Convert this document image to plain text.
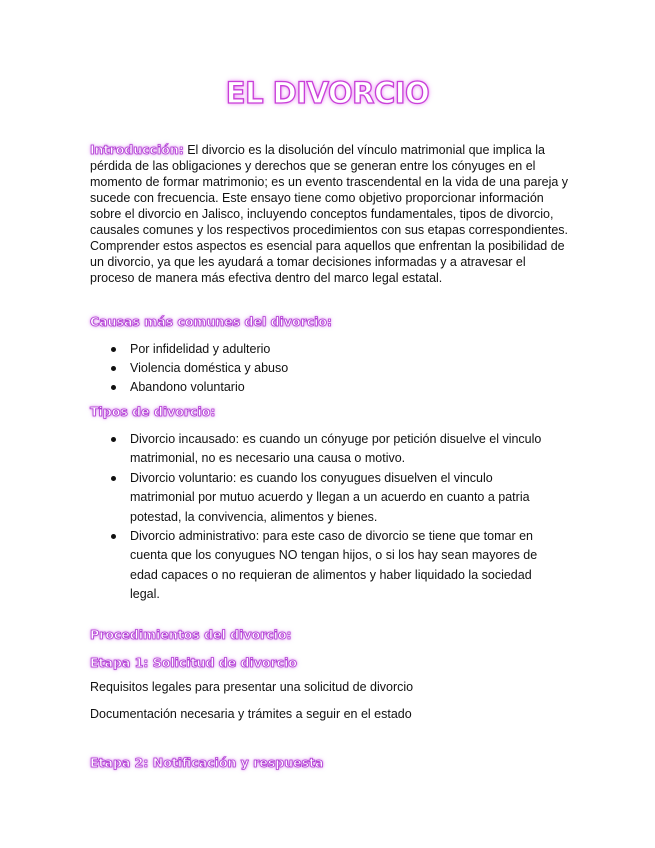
EL DIVORCIO

Introducción: El divorcio es la disolución del vínculo matrimonial que implica la pérdida de las obligaciones y derechos que se generan entre los cónyuges en el momento de formar matrimonio; es un evento trascendental en la vida de una pareja y sucede con frecuencia. Este ensayo tiene como objetivo proporcionar información sobre el divorcio en Jalisco, incluyendo conceptos fundamentales, tipos de divorcio, causales comunes y los respectivos procedimientos con sus etapas correspondientes. Comprender estos aspectos es esencial para aquellos que enfrentan la posibilidad de un divorcio, ya que les ayudará a tomar decisiones informadas y a atravesar el proceso de manera más efectiva dentro del marco legal estatal.

Causas más comunes del divorcio:
Por infidelidad y adulterio
Violencia doméstica y abuso
Abandono voluntario
Tipos de divorcio:
Divorcio incausado: es cuando un cónyuge por petición disuelve el vinculo matrimonial, no es necesario una causa o motivo.
Divorcio voluntario: es cuando los conyugues disuelven el vinculo matrimonial por mutuo acuerdo y llegan a un acuerdo en cuanto a patria potestad, la convivencia, alimentos y bienes.
Divorcio administrativo: para este caso de divorcio se tiene que tomar en cuenta que los conyugues NO tengan hijos, o si los hay sean mayores de edad capaces o no requieran de alimentos y haber liquidado la sociedad legal.
Procedimientos del divorcio:
Etapa 1: Solicitud de divorcio

Requisitos legales para presentar una solicitud de divorcio

Documentación necesaria y trámites a seguir en el estado

Etapa 2: Notificación y respuesta
